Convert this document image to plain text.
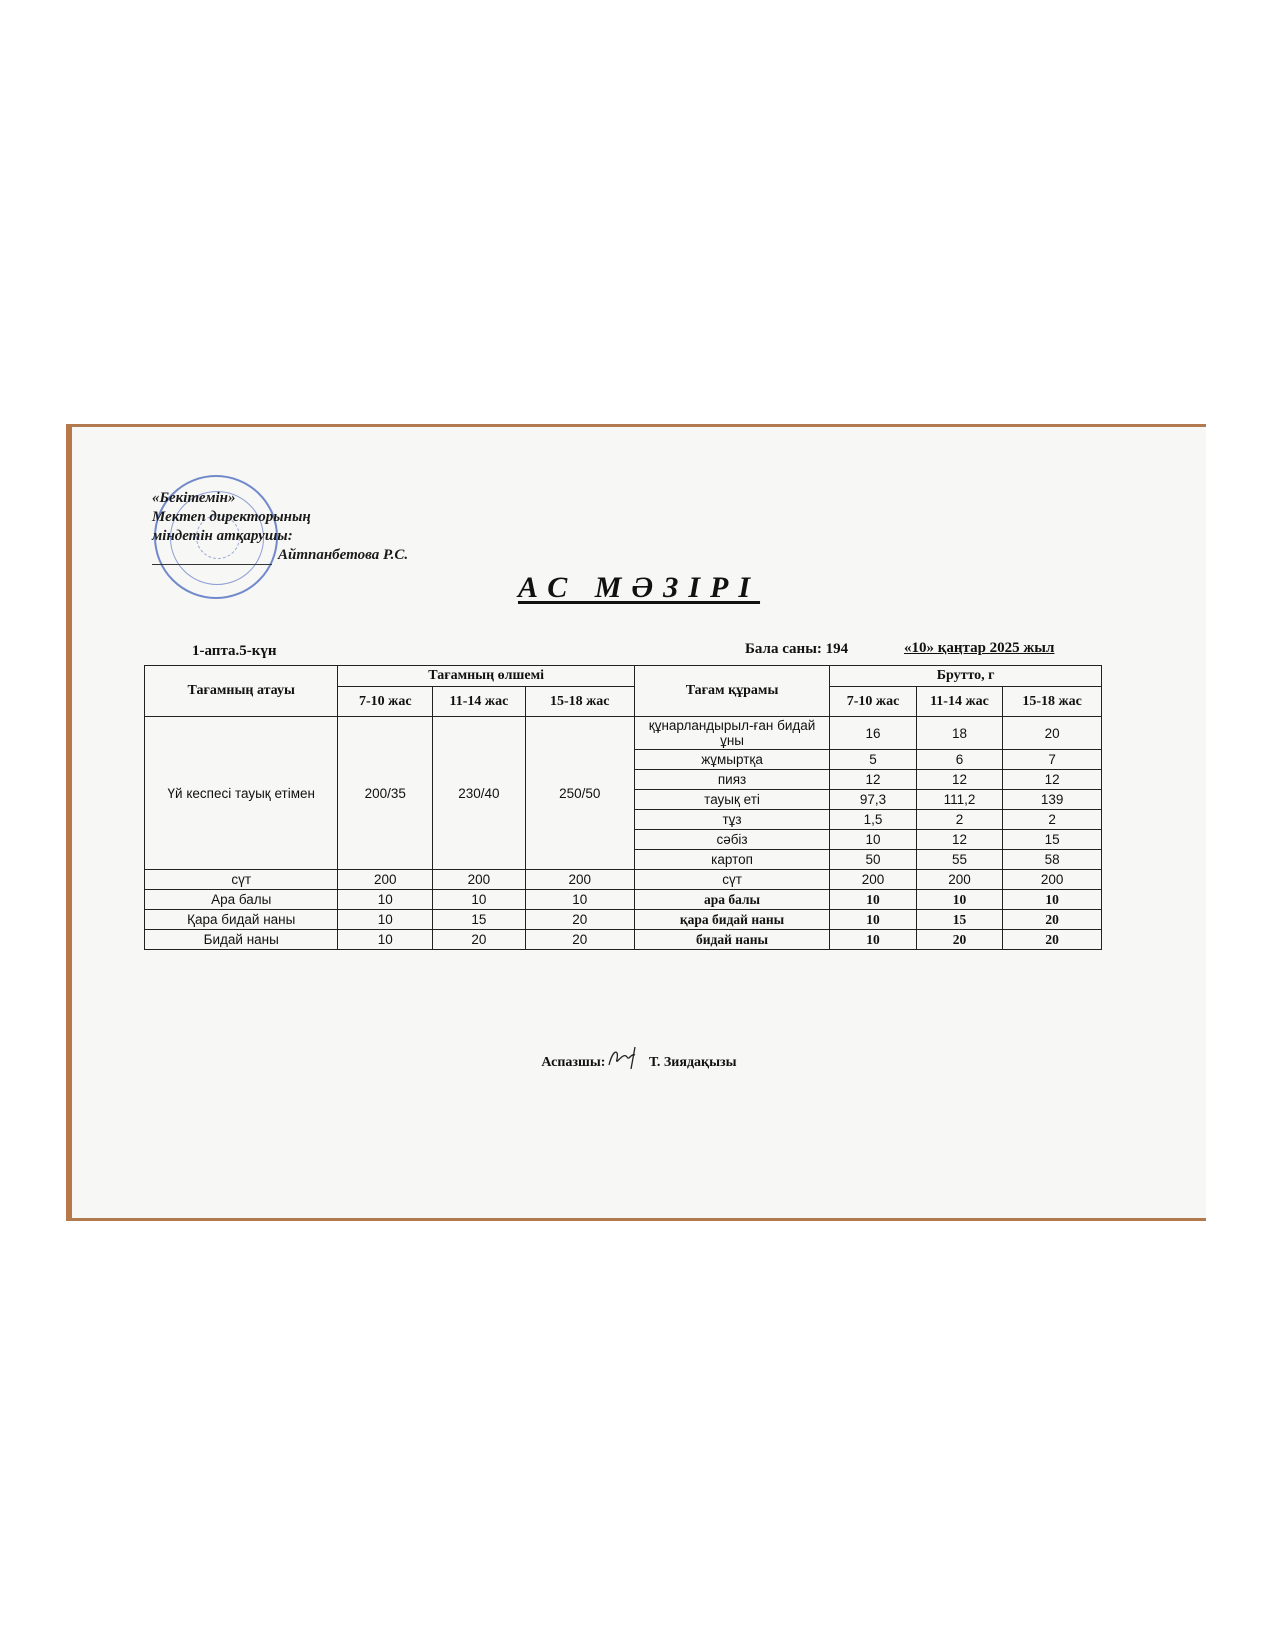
«Бекітемін»
Мектеп директорының
міндетін атқарушы:
Айтпанбетова Р.С.
АС МӘЗІРІ
1-апта.5-күн	Бала саны: 194	«10» қаңтар 2025 жыл
Тағамның атауы	Тағамның өлшемі			Тағам құрамы	Брутто, г		
	7-10 жас	11-14 жас	15-18 жас		7-10 жас	11-14 жас	15-18 жас
Үй кеспесі тауық етімен	200/35	230/40	250/50	құнарландырыл-ған бидай ұны	16	18	20
				жұмыртқа	5	6	7
				пияз	12	12	12
				тауық еті	97,3	111,2	139
				тұз	1,5	2	2
				сәбіз	10	12	15
				картоп	50	55	58
сүт	200	200	200	сүт	200	200	200
Ара балы	10	10	10	ара балы	10	10	10
Қара бидай наны	10	15	20	қара бидай наны	10	15	20
Бидай наны	10	20	20	бидай наны	10	20	20
Аспазшы:	Т. Зиядақызы
